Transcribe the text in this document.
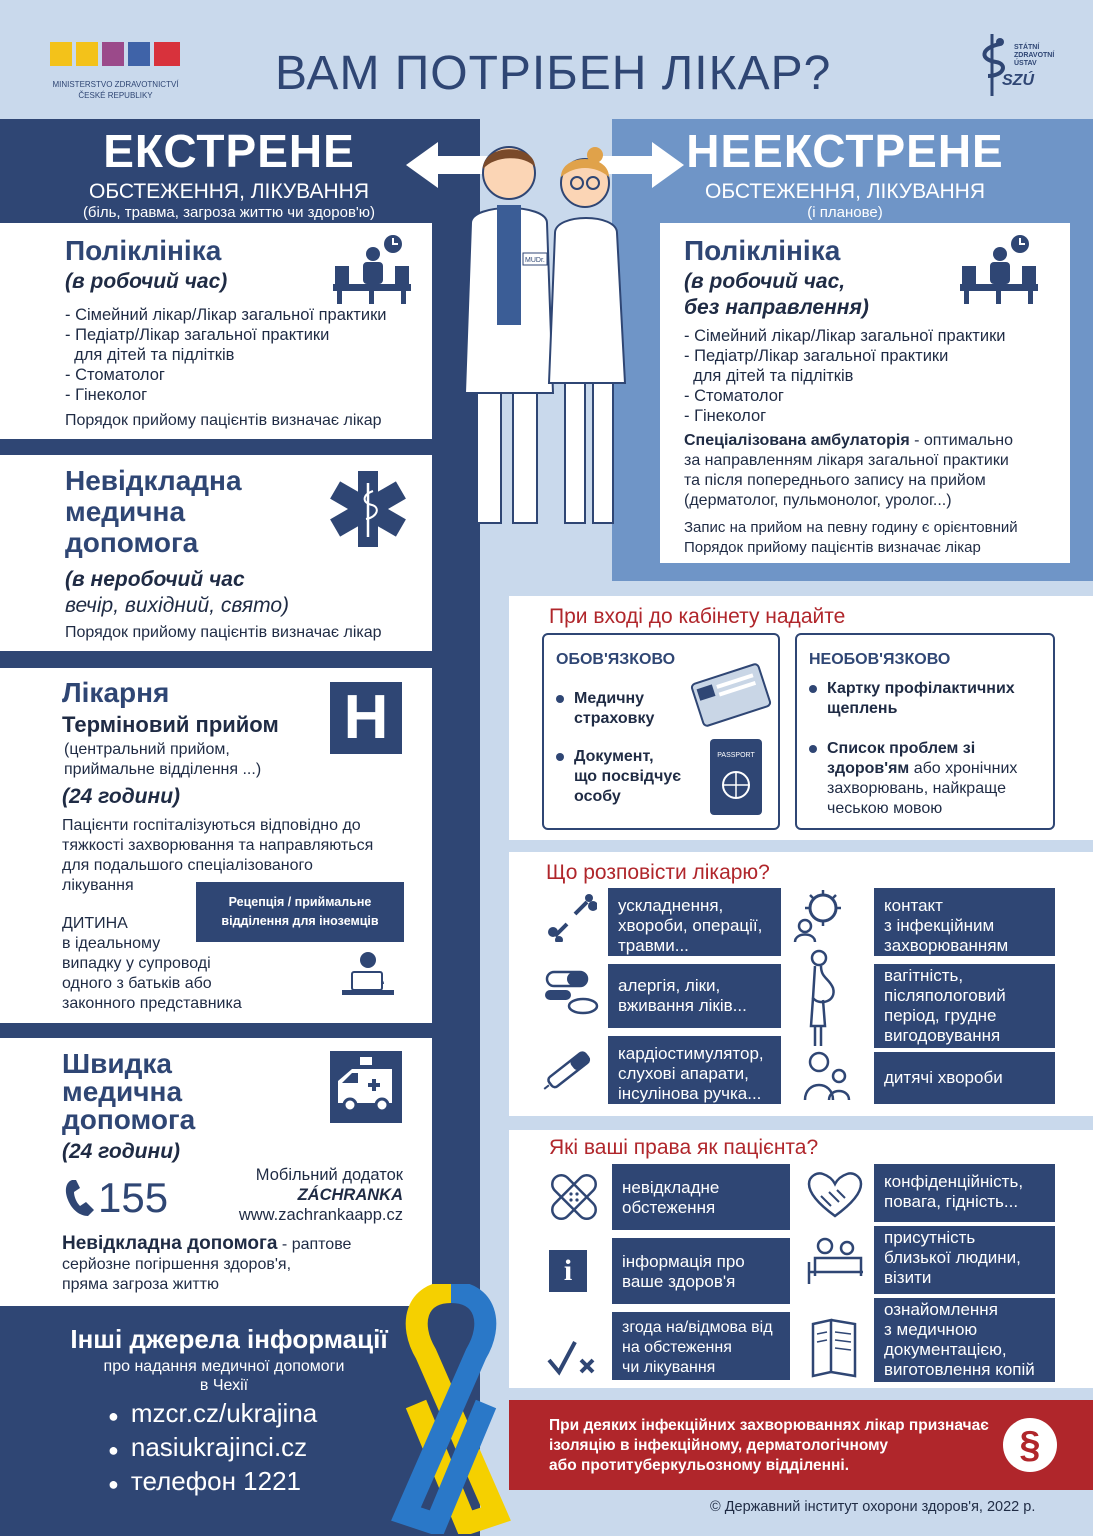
MINISTERSTVO ZDRAVOTNICTVÍ
ČESKÉ REPUBLIKY	ВАМ ПОТРІБЕН ЛІКАР?	STÁTNÍ
ZDRAVOTNÍ
ÚSTAV
SZÚ
ЕКСТРЕНЕ
ОБСТЕЖЕННЯ, ЛІКУВАННЯ
(біль, травма, загроза життю чи здоров'ю)
Поліклініка
(в робочий час)
- Сімейний лікар/Лікар загальної практики
- Педіатр/Лікар загальної практики
для дітей та підлітків
- Стоматолог
- Гінеколог
Порядок прийому пацієнтів визначає лікар
Невідкладна
медична
допомога
(в неробочий час
вечір, вихідний, свято)
Порядок прийому пацієнтів визначає лікар
Лікарня
Терміновий прийом
(центральний прийом,
приймальне відділення ...)
(24 години)
H
Пацієнти госпіталізуються відповідно до
тяжкості захворювання та направляються
для подальшого спеціалізованого
лікування
Рецепція / приймальне
відділення для іноземців
ДИТИНА
в ідеальному
випадку у супроводі
одного з батьків або
законного представника
Швидка
медична
допомога
(24 години)
155	Мобільний додаток
ZÁCHRANKA
www.zachrankaapp.cz
Невідкладна допомога - раптове
серйозне погіршення здоров'я,
пряма загроза життю
Інші джерела інформації
про надання медичної допомоги
в Чехії
● mzcr.cz/ukrajina
● nasiukrajinci.cz
● телефон 1221
НЕЕКСТРЕНЕ
ОБСТЕЖЕННЯ, ЛІКУВАННЯ
(і планове)
MUDr.	Поліклініка
(в робочий час,
без направлення)
- Сімейний лікар/Лікар загальної практики
- Педіатр/Лікар загальної практики
для дітей та підлітків
- Стоматолог
- Гінеколог
Спеціалізована амбулаторія - оптимально
за направленням лікаря загальної практики
та після попереднього запису на прийом
(дерматолог, пульмонолог, уролог...)
Запис на прийом на певну годину є орієнтовний
Порядок прийому пацієнтів визначає лікар
При вході до кабінету надайте
ОБОВ'ЯЗКОВО
Медичну
страховку
Документ,
що посвідчує
особу
PASSPORT
НЕОБОВ'ЯЗКОВО
Картку профілактичних
щеплень
Список проблем зі
здоров'ям або хронічних
захворювань, найкраще
чеською мовою
Що розповісти лікарю?
ускладнення,
хвороби, операції,
травми...
алергія, ліки,
вживання ліків...
кардіостимулятор,
слухові апарати,
інсулінова ручка...
контакт
з інфекційним
захворюванням
вагітність,
післяпологовий
період, грудне
вигодовування
дитячі хвороби
Які ваші права як пацієнта?
i
невідкладне
обстеження
інформація про
ваше здоров'я
згода на/відмова від
на обстеження
чи лікування
конфіденційність,
повага, гідність...
присутність
близької людини,
візити
ознайомлення
з медичною
документацією,
виготовлення копій
При деяких інфекційних захворюваннях лікар призначає
ізоляцію в інфекційному, дерматологічному
або протитуберкульозному відділенні.	§
© Державний інститут охорони здоров'я, 2022 р.
